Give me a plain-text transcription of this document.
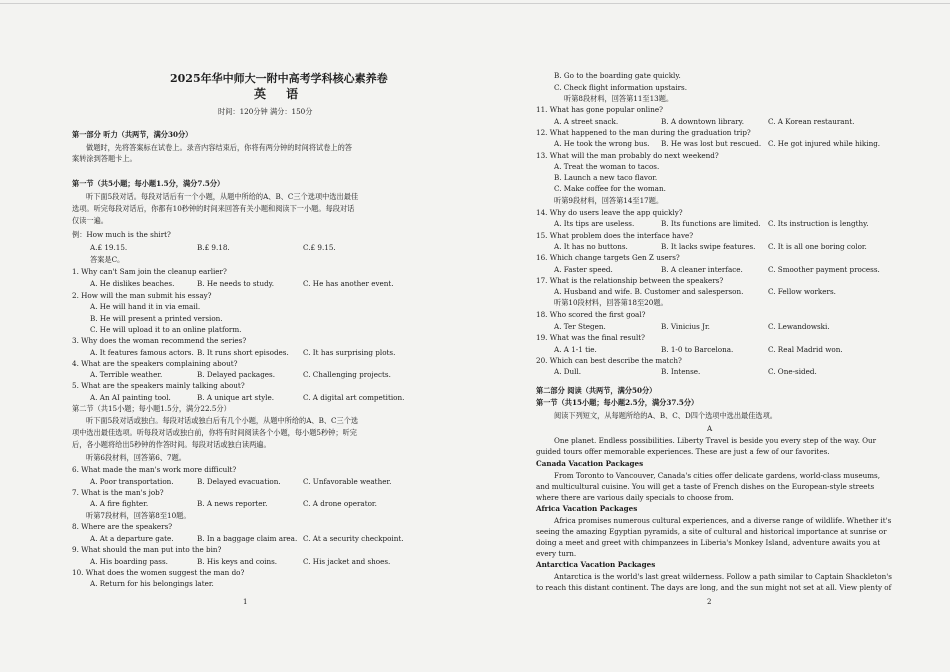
2025年华中师大一附中高考学科核心素养卷
英 语
时间：120分钟 满分：150分
第一部分 听力（共两节，满分30分）
做题时，先将答案标在试卷上。录音内容结束后，你将有两分钟的时间将试卷上的答
案转涂到答题卡上。
第一节（共5小题；每小题1.5分，满分7.5分）
听下面5段对话。每段对话后有一个小题，从题中所给的A、B、C三个选项中选出最佳
选项。听完每段对话后，你都有10秒钟的时间来回答有关小题和阅读下一小题。每段对话
仅读一遍。
例：How much is the shirt?
A.£ 19.15.	B.£ 9.18.	C.£ 9.15.
答案是C。
1. Why can't Sam join the cleanup earlier?
A. He dislikes beaches.	B. He needs to study.	C. He has another event.
2. How will the man submit his essay?
A. He will hand it in via email.
B. He will present a printed version.
C. He will upload it to an online platform.
3. Why does the woman recommend the series?
A. It features famous actors. B. It runs short episodes. C. It has surprising plots.
4. What are the speakers complaining about?
A. Terrible weather.	B. Delayed packages.	C. Challenging projects.
5. What are the speakers mainly talking about?
A. An AI painting tool.	B. A unique art style.	C. A digital art competition.
第二节（共15小题；每小题1.5分，满分22.5分）
听下面5段对话或独白。每段对话或独白后有几个小题，从题中所给的A、B、C三个选
项中选出最佳选项。听每段对话或独白前，你将有时间阅读各个小题，每小题5秒钟；听完
后，各小题将给出5秒钟的作答时间。每段对话或独白读两遍。
听第6段材料，回答第6、7题。
6. What made the man's work more difficult?
A. Poor transportation.	B. Delayed evacuation.	C. Unfavorable weather.
7. What is the man's job?
A. A fire fighter.	B. A news reporter.	C. A drone operator.
听第7段材料，回答第8至10题。
8. Where are the speakers?
A. At a departure gate.	B. In a baggage claim area. C. At a security checkpoint.
9. What should the man put into the bin?
A. His boarding pass.	B. His keys and coins.	C. His jacket and shoes.
10. What does the women suggest the man do?
A. Return for his belongings later.
1
B. Go to the boarding gate quickly.
C. Check flight information upstairs.
听第8段材料，回答第11至13题。
11. What has gone popular online?
A. A street snack.	B. A downtown library.	C. A Korean restaurant.
12. What happened to the man during the graduation trip?
A. He took the wrong bus. B. He was lost but rescued. C. He got injured while hiking.
13. What will the man probably do next weekend?
A. Treat the woman to tacos.
B. Launch a new taco flavor.
C. Make coffee for the woman.
听第9段材料，回答第14至17题。
14. Why do users leave the app quickly?
A. Its tips are useless.	B. Its functions are limited. C. Its instruction is lengthy.
15. What problem does the interface have?
A. It has no buttons.	B. It lacks swipe features. C. It is all one boring color.
16. Which change targets Gen Z users?
A. Faster speed.	B. A cleaner interface.	C. Smoother payment process.
17. What is the relationship between the speakers?
A. Husband and wife. B. Customer and salesperson.	C. Fellow workers.
听第10段材料，回答第18至20题。
18. Who scored the first goal?
A. Ter Stegen.	B. Vinicius Jr.	C. Lewandowski.
19. What was the final result?
A. A 1-1 tie.	B. 1-0 to Barcelona.	C. Real Madrid won.
20. Which can best describe the match?
A. Dull.	B. Intense.	C. One-sided.
第二部分 阅读（共两节，满分50分）
第一节（共15小题；每小题2.5分，满分37.5分）
阅读下列短文，从每题所给的A、B、C、D四个选项中选出最佳选项。
A
One planet. Endless possibilities. Liberty Travel is beside you every step of the way. Our
guided tours offer memorable experiences. These are just a few of our favorites.
Canada Vacation Packages
From Toronto to Vancouver, Canada's cities offer delicate gardens, world-class museums,
and multicultural cuisine. You will get a taste of French dishes on the European-style streets
where there are various daily specials to choose from.
Africa Vacation Packages
Africa promises numerous cultural experiences, and a diverse range of wildlife. Whether it's
seeing the amazing Egyptian pyramids, a site of cultural and historical importance at sunrise or
doing a meet and greet with chimpanzees in Liberia's Monkey Island, adventure awaits you at
every turn.
Antarctica Vacation Packages
Antarctica is the world's last great wilderness. Follow a path similar to Captain Shackleton's
to reach this distant continent. The days are long, and the sun might not set at all. View plenty of
2
